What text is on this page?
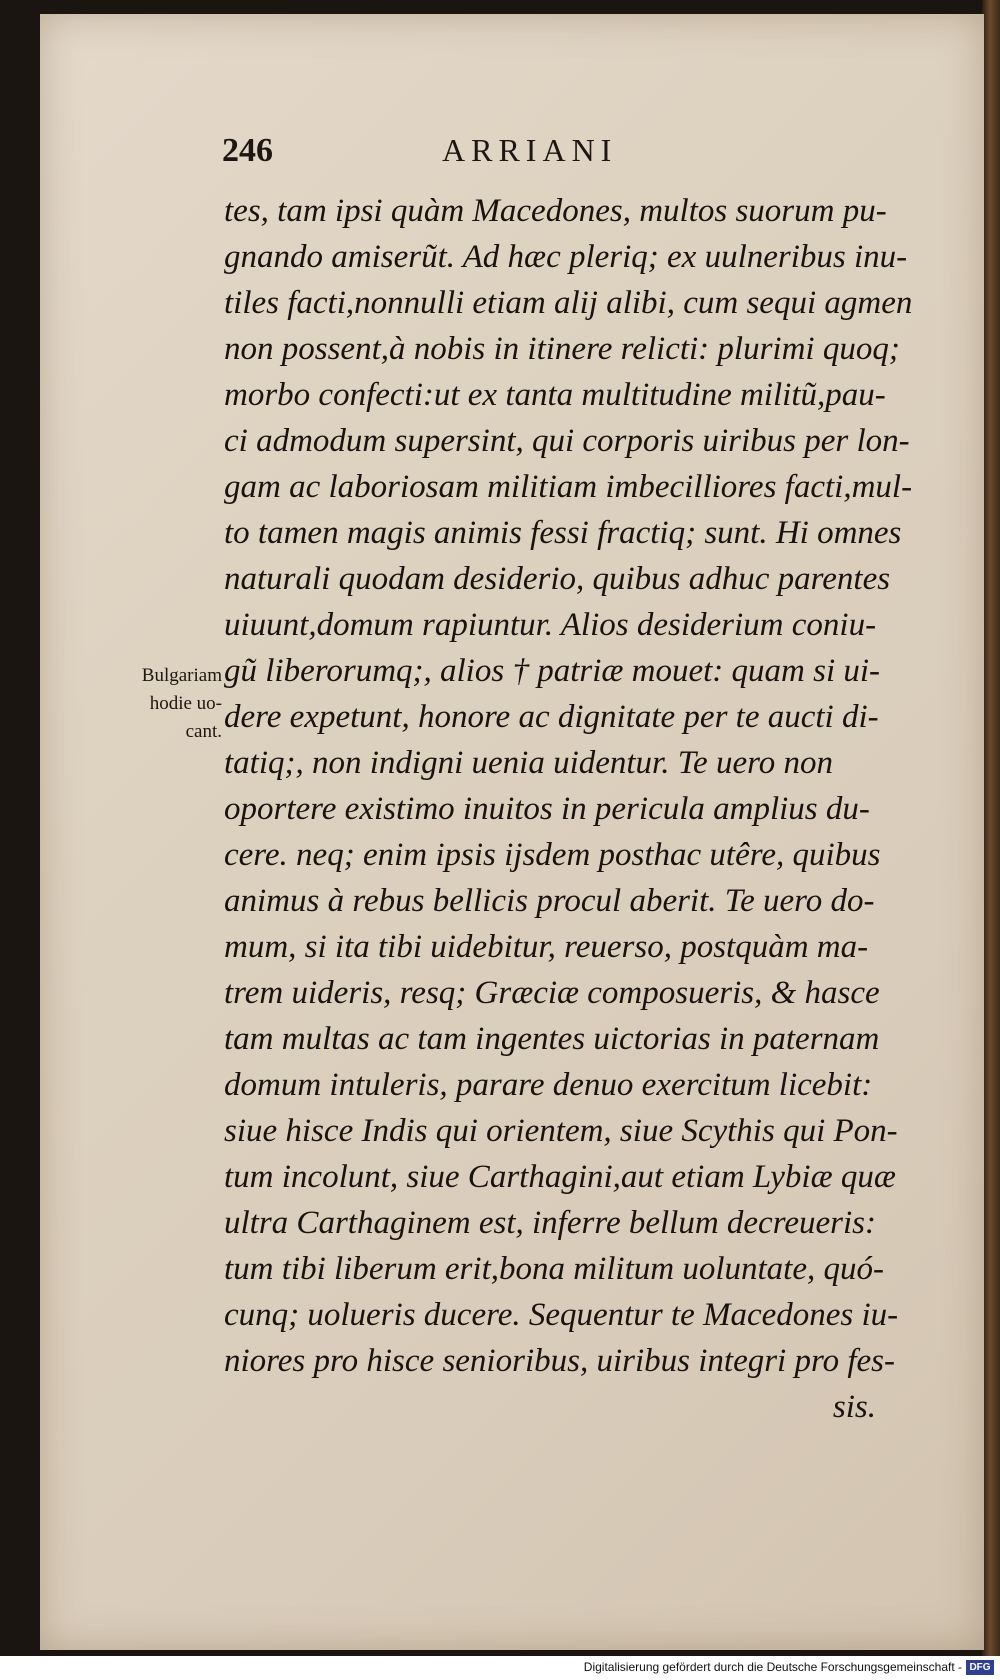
246	ARRIANI
Bulgariam
hodie uo-
cant.
tes, tam ipsi quàm Macedones, multos suorum pu-
gnando amiserũt. Ad hæc pleriq; ex uulneribus inu-
tiles facti,nonnulli etiam alij alibi, cum sequi agmen
non possent,à nobis in itinere relicti: plurimi quoq;
morbo confecti:ut ex tanta multitudine militũ,pau-
ci admodum supersint, qui corporis uiribus per lon-
gam ac laboriosam militiam imbecilliores facti,mul-
to tamen magis animis fessi fractiq; sunt. Hi omnes
naturali quodam desiderio, quibus adhuc parentes
uiuunt,domum rapiuntur. Alios desiderium coniu-
gũ liberorumq;, alios † patriæ mouet: quam si ui-
dere expetunt, honore ac dignitate per te aucti di-
tatiq;, non indigni uenia uidentur. Te uero non
oportere existimo inuitos in pericula amplius du-
cere. neq; enim ipsis ijsdem posthac utêre, quibus
animus à rebus bellicis procul aberit. Te uero do-
mum, si ita tibi uidebitur, reuerso, postquàm ma-
trem uideris, resq; Græciæ composueris, & hasce
tam multas ac tam ingentes uictorias in paternam
domum intuleris, parare denuo exercitum licebit:
siue hisce Indis qui orientem, siue Scythis qui Pon-
tum incolunt, siue Carthagini,aut etiam Lybiæ quæ
ultra Carthaginem est, inferre bellum decreueris:
tum tibi liberum erit,bona militum uoluntate, quó-
cunq; uolueris ducere. Sequentur te Macedones iu-
niores pro hisce senioribus, uiribus integri pro fes-
sis.
Digitalisierung gefördert durch die Deutsche Forschungsgemeinschaft - DFG
